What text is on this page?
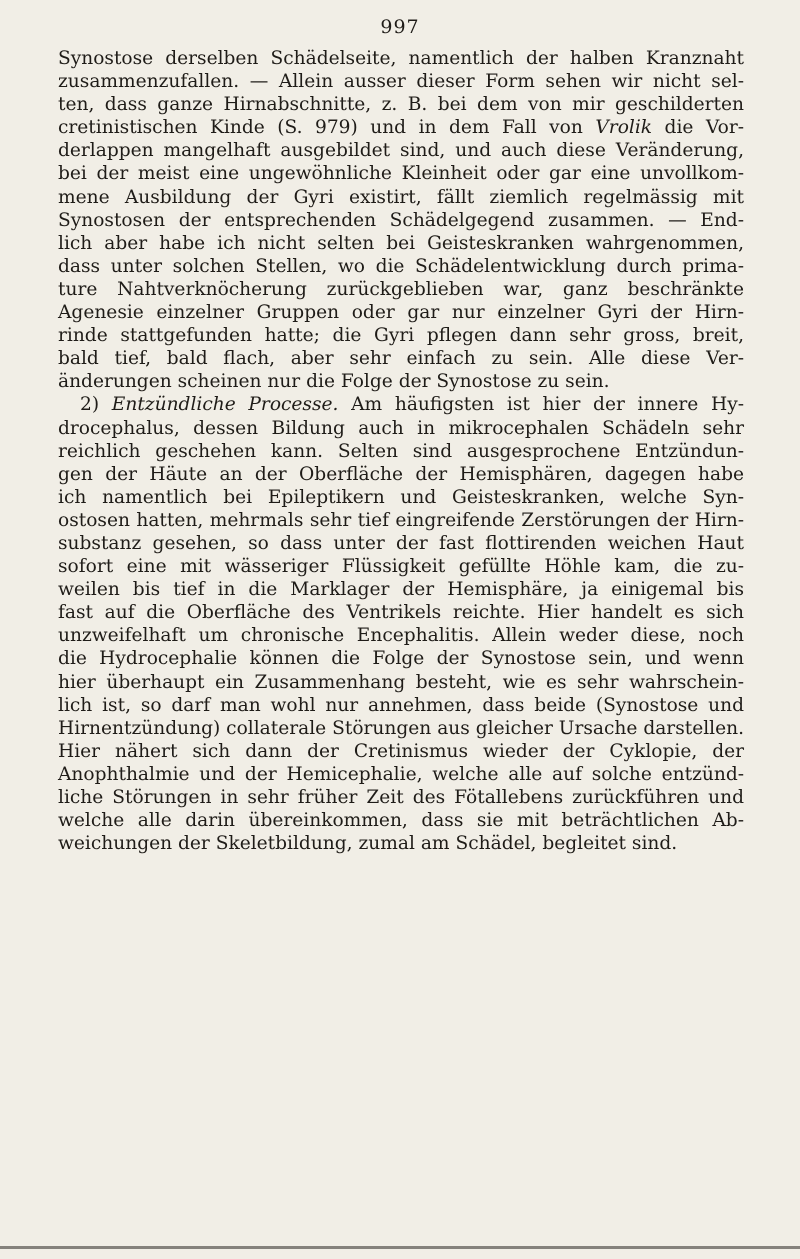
997
Synostose derselben Schädelseite, namentlich der halben Kranznaht
zusammenzufallen. — Allein ausser dieser Form sehen wir nicht sel-
ten, dass ganze Hirnabschnitte, z. B. bei dem von mir geschilderten
cretinistischen Kinde (S. 979) und in dem Fall von Vrolik die Vor-
derlappen mangelhaft ausgebildet sind, und auch diese Veränderung,
bei der meist eine ungewöhnliche Kleinheit oder gar eine unvollkom-
mene Ausbildung der Gyri existirt, fällt ziemlich regelmässig mit
Synostosen der entsprechenden Schädelgegend zusammen. — End-
lich aber habe ich nicht selten bei Geisteskranken wahrgenommen,
dass unter solchen Stellen, wo die Schädelentwicklung durch prima-
ture Nahtverknöcherung zurückgeblieben war, ganz beschränkte
Agenesie einzelner Gruppen oder gar nur einzelner Gyri der Hirn-
rinde stattgefunden hatte; die Gyri pflegen dann sehr gross, breit,
bald tief, bald flach, aber sehr einfach zu sein. Alle diese Ver-
änderungen scheinen nur die Folge der Synostose zu sein.
2) Entzündliche Processe. Am häufigsten ist hier der innere Hy-
drocephalus, dessen Bildung auch in mikrocephalen Schädeln sehr
reichlich geschehen kann. Selten sind ausgesprochene Entzündun-
gen der Häute an der Oberfläche der Hemisphären, dagegen habe
ich namentlich bei Epileptikern und Geisteskranken, welche Syn-
ostosen hatten, mehrmals sehr tief eingreifende Zerstörungen der Hirn-
substanz gesehen, so dass unter der fast flottirenden weichen Haut
sofort eine mit wässeriger Flüssigkeit gefüllte Höhle kam, die zu-
weilen bis tief in die Marklager der Hemisphäre, ja einigemal bis
fast auf die Oberfläche des Ventrikels reichte. Hier handelt es sich
unzweifelhaft um chronische Encephalitis. Allein weder diese, noch
die Hydrocephalie können die Folge der Synostose sein, und wenn
hier überhaupt ein Zusammenhang besteht, wie es sehr wahrschein-
lich ist, so darf man wohl nur annehmen, dass beide (Synostose und
Hirnentzündung) collaterale Störungen aus gleicher Ursache darstellen.
Hier nähert sich dann der Cretinismus wieder der Cyklopie, der
Anophthalmie und der Hemicephalie, welche alle auf solche entzünd-
liche Störungen in sehr früher Zeit des Fötallebens zurückführen und
welche alle darin übereinkommen, dass sie mit beträchtlichen Ab-
weichungen der Skeletbildung, zumal am Schädel, begleitet sind.
